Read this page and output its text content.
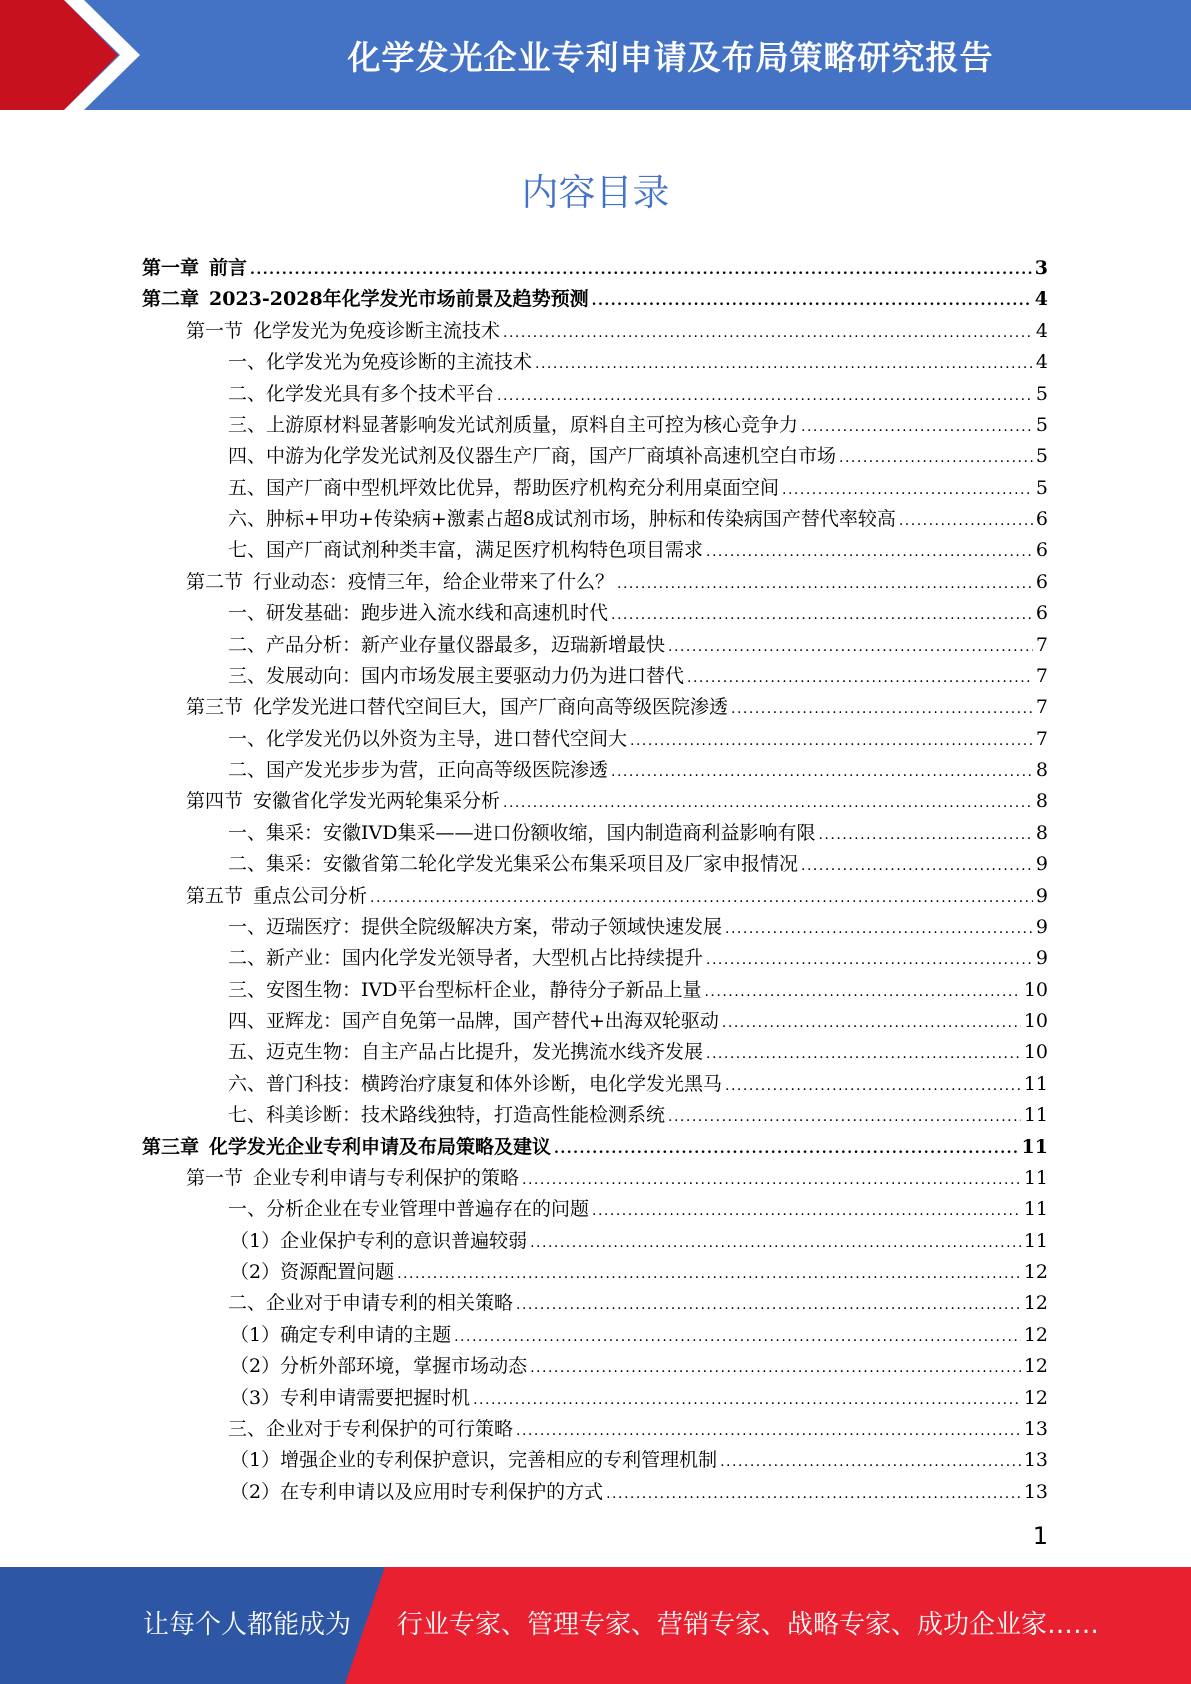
化学发光企业专利申请及布局策略研究报告
内容目录
第一章 前言 .....	3
第二章 2023-2028年化学发光市场前景及趋势预测 .....	4
第一节 化学发光为免疫诊断主流技术 .....	4
一、化学发光为免疫诊断的主流技术 .....	4
二、化学发光具有多个技术平台 .....	5
三、上游原材料显著影响发光试剂质量，原料自主可控为核心竞争力 .....	5
四、中游为化学发光试剂及仪器生产厂商，国产厂商填补高速机空白市场 .....	5
五、国产厂商中型机坪效比优异，帮助医疗机构充分利用桌面空间 .....	5
六、肿标+甲功+传染病+激素占超8成试剂市场，肿标和传染病国产替代率较高 .....	6
七、国产厂商试剂种类丰富，满足医疗机构特色项目需求 .....	6
第二节 行业动态：疫情三年，给企业带来了什么？ .....	6
一、研发基础：跑步进入流水线和高速机时代 .....	6
二、产品分析：新产业存量仪器最多，迈瑞新增最快 .....	7
三、发展动向：国内市场发展主要驱动力仍为进口替代 .....	7
第三节 化学发光进口替代空间巨大，国产厂商向高等级医院渗透 .....	7
一、化学发光仍以外资为主导，进口替代空间大 .....	7
二、国产发光步步为营，正向高等级医院渗透 .....	8
第四节 安徽省化学发光两轮集采分析 .....	8
一、集采：安徽IVD集采——进口份额收缩，国内制造商利益影响有限 .....	8
二、集采：安徽省第二轮化学发光集采公布集采项目及厂家申报情况 .....	9
第五节 重点公司分析 .....	9
一、迈瑞医疗：提供全院级解决方案，带动子领域快速发展 .....	9
二、新产业：国内化学发光领导者，大型机占比持续提升 .....	9
三、安图生物：IVD平台型标杆企业，静待分子新品上量 .....	10
四、亚辉龙：国产自免第一品牌，国产替代+出海双轮驱动 .....	10
五、迈克生物：自主产品占比提升，发光携流水线齐发展 .....	10
六、普门科技：横跨治疗康复和体外诊断，电化学发光黑马 .....	11
七、科美诊断：技术路线独特，打造高性能检测系统 .....	11
第三章 化学发光企业专利申请及布局策略及建议 .....	11
第一节 企业专利申请与专利保护的策略 .....	11
一、分析企业在专业管理中普遍存在的问题 .....	11
（1）企业保护专利的意识普遍较弱 .....	11
（2）资源配置问题 .....	12
二、企业对于申请专利的相关策略 .....	12
（1）确定专利申请的主题 .....	12
（2）分析外部环境，掌握市场动态 .....	12
（3）专利申请需要把握时机 .....	12
三、企业对于专利保护的可行策略 .....	13
（1）增强企业的专利保护意识，完善相应的专利管理机制 .....	13
（2）在专利申请以及应用时专利保护的方式 .....	13
1
让每个人都能成为 行业专家、管理专家、营销专家、战略专家、成功企业家……
